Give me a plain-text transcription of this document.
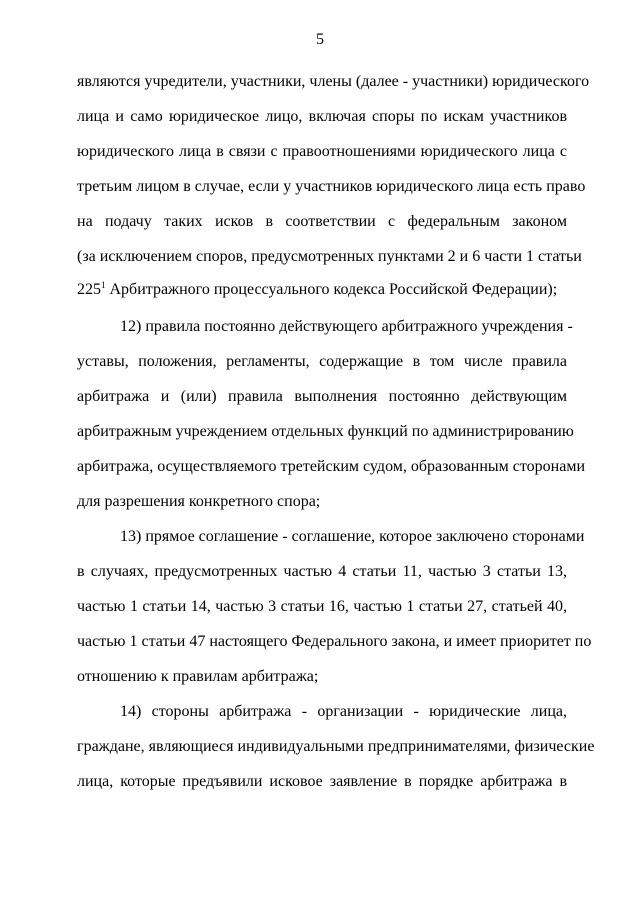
5
являются учредители, участники, члены (далее - участники) юридического
лица и само юридическое лицо, включая споры по искам участников
юридического лица в связи с правоотношениями юридического лица с
третьим лицом в случае, если у участников юридического лица есть право
на подачу таких исков в соответствии с федеральным законом
(за исключением споров, предусмотренных пунктами 2 и 6 части 1 статьи
$225^1$ Арбитражного процессуального кодекса Российской Федерации);
12) правила постоянно действующего арбитражного учреждения -
уставы, положения, регламенты, содержащие в том числе правила
арбитража и (или) правила выполнения постоянно действующим
арбитражным учреждением отдельных функций по администрированию
арбитража, осуществляемого третейским судом, образованным сторонами
для разрешения конкретного спора;
13) прямое соглашение - соглашение, которое заключено сторонами
в случаях, предусмотренных частью 4 статьи 11, частью 3 статьи 13,
частью 1 статьи 14, частью 3 статьи 16, частью 1 статьи 27, статьей 40,
частью 1 статьи 47 настоящего Федерального закона, и имеет приоритет по
отношению к правилам арбитража;
14) стороны арбитража - организации - юридические лица,
граждане, являющиеся индивидуальными предпринимателями, физические
лица, которые предъявили исковое заявление в порядке арбитража в
